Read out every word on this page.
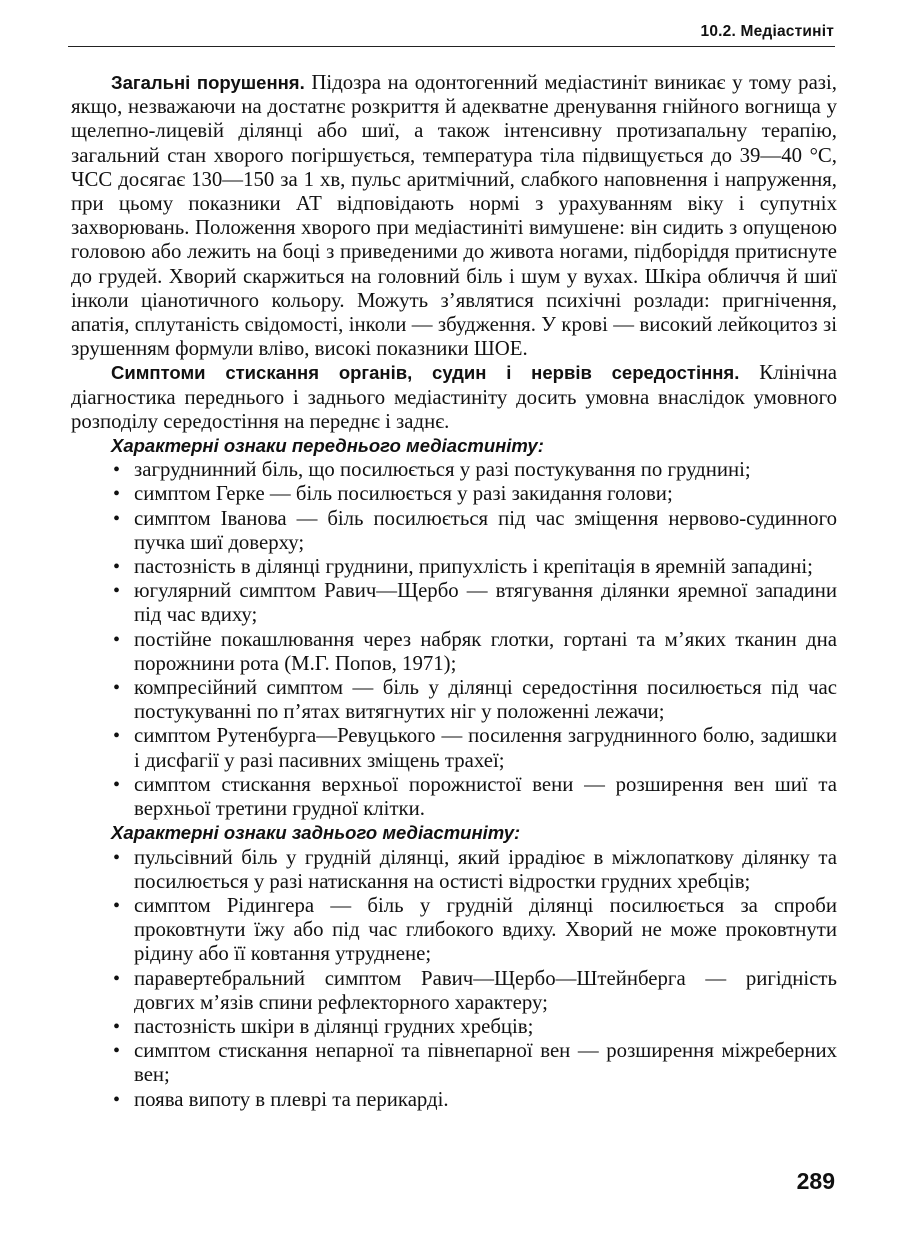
10.2. Медіастиніт

Загальні порушення. Підозра на одонтогенний медіастиніт виникає у тому разі, якщо, незважаючи на достатнє розкриття й адекватне дренування гнійного вогнища у щелепно-лицевій ділянці або шиї, а також інтенсивну протизапальну терапію, загальний стан хворого погіршується, температура тіла підвищується до 39—40 °С, ЧСС досягає 130—150 за 1 хв, пульс аритмічний, слабкого наповнення і напруження, при цьому показники АТ відповідають нормі з урахуванням віку і супутніх захворювань. Положення хворого при медіастиніті вимушене: він сидить з опущеною головою або лежить на боці з приведеними до живота ногами, підборіддя притиснуте до грудей. Хворий скаржиться на головний біль і шум у вухах. Шкіра обличчя й шиї інколи ціанотичного кольору. Можуть з’являтися психічні розлади: пригнічення, апатія, сплутаність свідомості, інколи — збудження. У крові — високий лейкоцитоз зі зрушенням формули вліво, високі показники ШОЕ.

Симптоми стискання органів, судин і нервів середостіння. Клінічна діагностика переднього і заднього медіастиніту досить умовна внаслідок умовного розподілу середостіння на переднє і заднє.

Характерні ознаки переднього медіастиніту:
• загруднинний біль, що посилюється у разі постукування по груднині;
• симптом Герке — біль посилюється у разі закидання голови;
• симптом Іванова — біль посилюється під час зміщення нервово-судинного пучка шиї доверху;
• пастозність в ділянці груднини, припухлість і крепітація в яремній западині;
• югулярний симптом Равич—Щербо — втягування ділянки яремної западини під час вдиху;
• постійне покашлювання через набряк глотки, гортані та м’яких тканин дна порожнини рота (М.Г. Попов, 1971);
• компресійний симптом — біль у ділянці середостіння посилюється під час постукуванні по п’ятах витягнутих ніг у положенні лежачи;
• симптом Рутенбурга—Ревуцького — посилення загруднинного болю, задишки і дисфагії у разі пасивних зміщень трахеї;
• симптом стискання верхньої порожнистої вени — розширення вен шиї та верхньої третини грудної клітки.
Характерні ознаки заднього медіастиніту:
• пульсівний біль у грудній ділянці, який іррадіює в міжлопаткову ділянку та посилюється у разі натискання на остисті відростки грудних хребців;
• симптом Рідингера — біль у грудній ділянці посилюється за спроби проковтнути їжу або під час глибокого вдиху. Хворий не може проковтнути рідину або її ковтання утруднене;
• паравертебральний симптом Равич—Щербо—Штейнберга — ригідність довгих м’язів спини рефлекторного характеру;
• пастозність шкіри в ділянці грудних хребців;
• симптом стискання непарної та півнепарної вен — розширення міжреберних вен;
• поява випоту в плеврі та перикарді.
289
